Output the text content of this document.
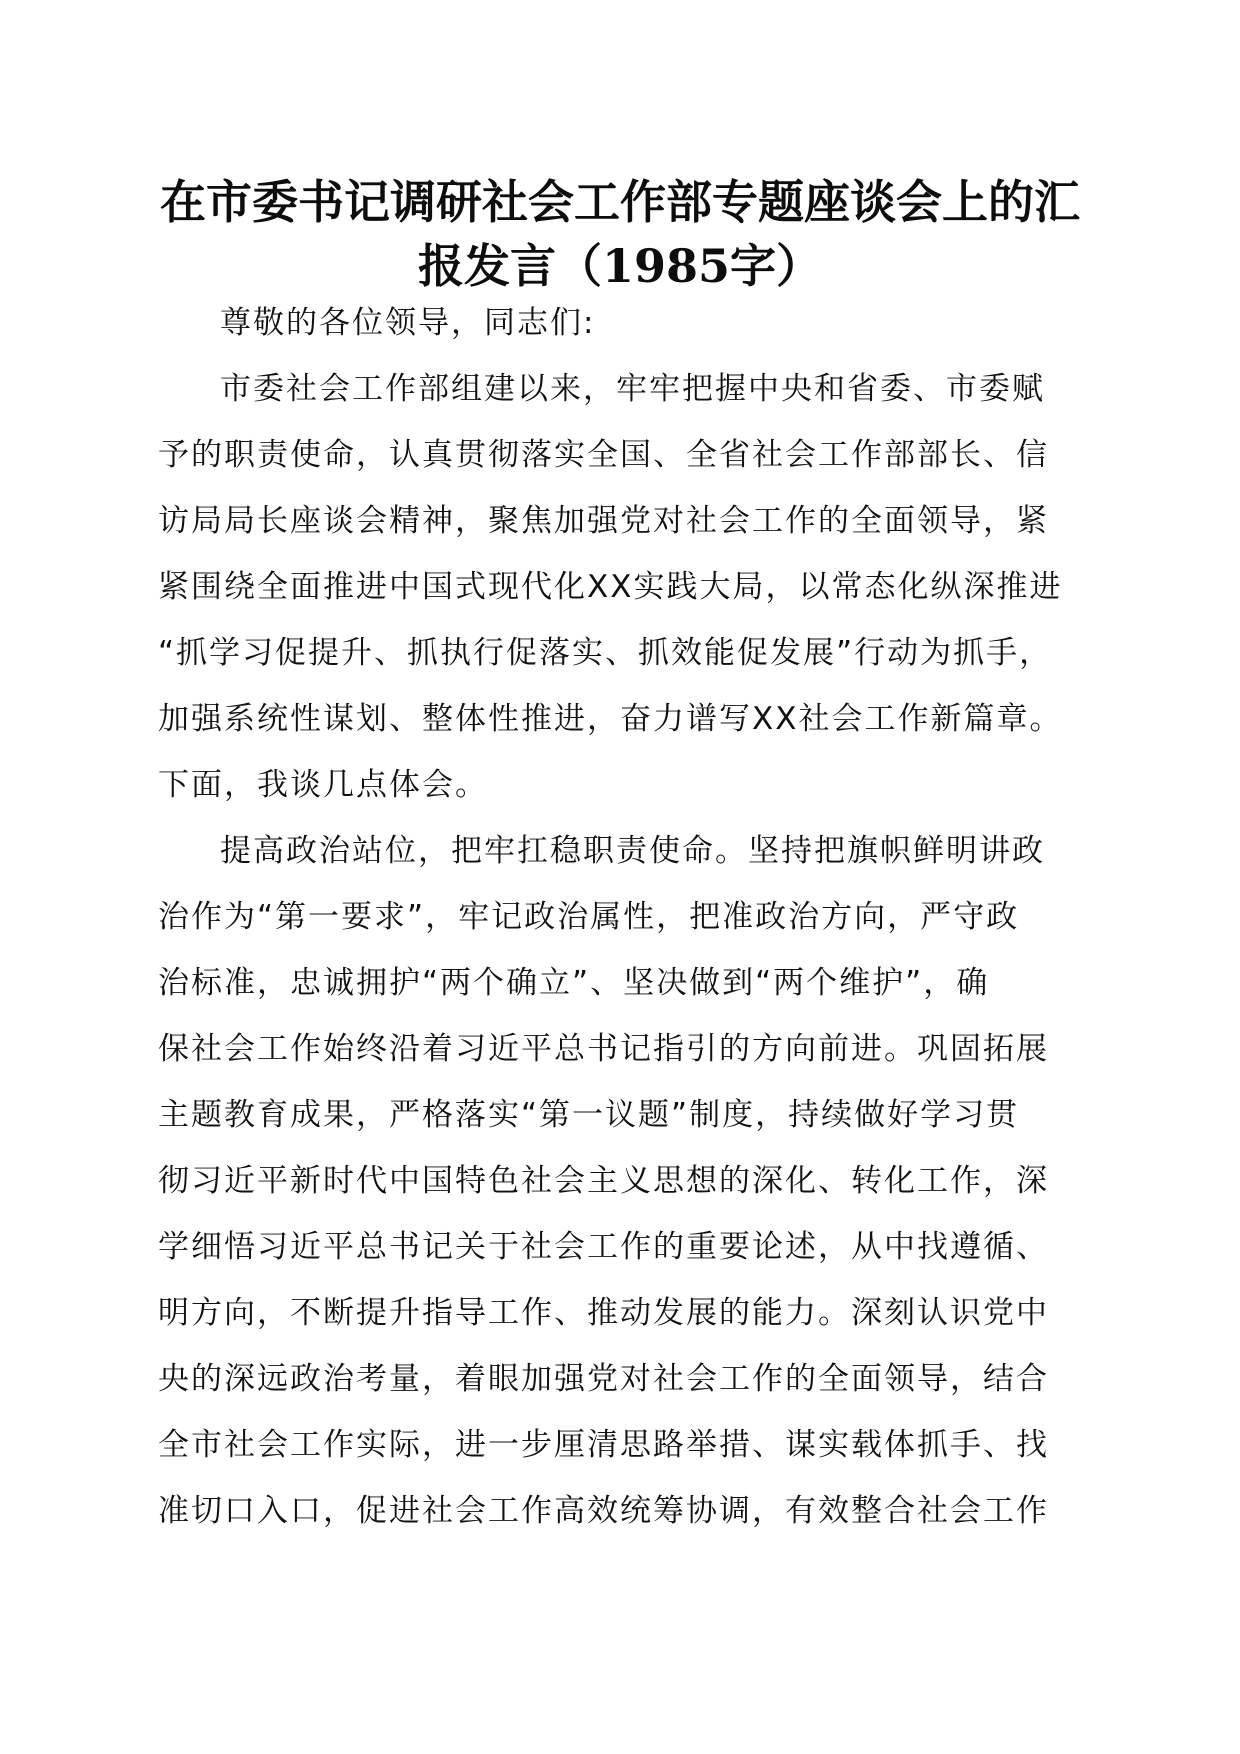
在市委书记调研社会工作部专题座谈会上的汇
报发言（1985字）
尊敬的各位领导，同志们:
市委社会工作部组建以来，牢牢把握中央和省委、市委赋
予的职责使命，认真贯彻落实全国、全省社会工作部部长、信
访局局长座谈会精神，聚焦加强党对社会工作的全面领导，紧
紧围绕全面推进中国式现代化XX实践大局，以常态化纵深推进
“抓学习促提升、抓执行促落实、抓效能促发展”行动为抓手，
加强系统性谋划、整体性推进，奋力谱写XX社会工作新篇章。
下面，我谈几点体会。
提高政治站位，把牢扛稳职责使命。坚持把旗帜鲜明讲政
治作为“第一要求”，牢记政治属性，把准政治方向，严守政
治标准，忠诚拥护“两个确立”、坚决做到“两个维护”，确
保社会工作始终沿着习近平总书记指引的方向前进。巩固拓展
主题教育成果，严格落实“第一议题”制度，持续做好学习贯
彻习近平新时代中国特色社会主义思想的深化、转化工作，深
学细悟习近平总书记关于社会工作的重要论述，从中找遵循、
明方向，不断提升指导工作、推动发展的能力。深刻认识党中
央的深远政治考量，着眼加强党对社会工作的全面领导，结合
全市社会工作实际，进一步厘清思路举措、谋实载体抓手、找
准切口入口，促进社会工作高效统筹协调，有效整合社会工作
